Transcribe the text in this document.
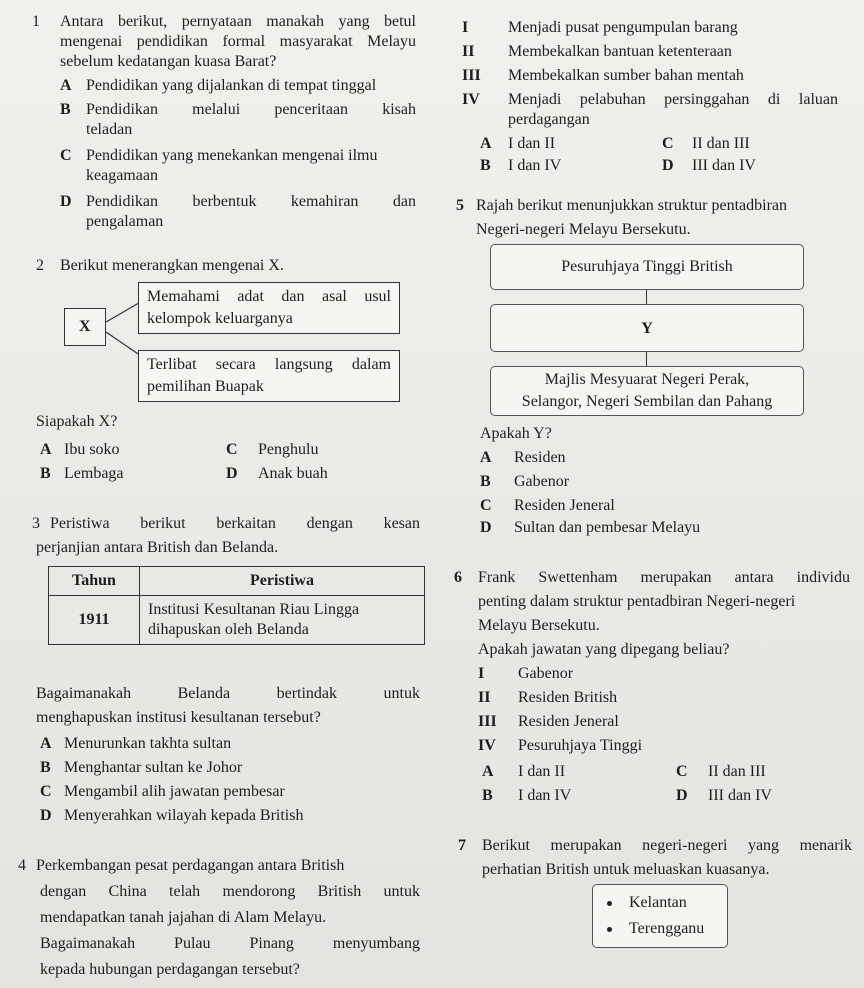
1 Antara berikut, pernyataan manakah yang betul
mengenai pendidikan formal masyarakat Melayu
sebelum kedatangan kuasa Barat?
A Pendidikan yang dijalankan di tempat tinggal
B Pendidikan melalui penceritaan kisah
teladan
C Pendidikan yang menekankan mengenai ilmu
keagamaan
D Pendidikan berbentuk kemahiran dan
pengalaman
2 Berikut menerangkan mengenai X.
X
Memahami adat dan asal usul
kelompok keluarganya
Terlibat secara langsung dalam
pemilihan Buapak
Siapakah X?
A Ibu soko	C Penghulu
B Lembaga	D Anak buah
3 Peristiwa berikut berkaitan dengan kesan
perjanjian antara British dan Belanda.
Tahun	Peristiwa
1911	Institusi Kesultanan Riau Lingga
dihapuskan oleh Belanda
Bagaimanakah Belanda bertindak untuk
menghapuskan institusi kesultanan tersebut?
A Menurunkan takhta sultan
B Menghantar sultan ke Johor
C Mengambil alih jawatan pembesar
D Menyerahkan wilayah kepada British
4 Perkembangan pesat perdagangan antara British
dengan China telah mendorong British untuk
mendapatkan tanah jajahan di Alam Melayu.
Bagaimanakah Pulau Pinang menyumbang
kepada hubungan perdagangan tersebut?
I Menjadi pusat pengumpulan barang
II Membekalkan bantuan ketenteraan
III Membekalkan sumber bahan mentah
IV Menjadi pelabuhan persinggahan di laluan
perdagangan
A I dan II	C II dan III
B I dan IV	D III dan IV
5 Rajah berikut menunjukkan struktur pentadbiran
Negeri-negeri Melayu Bersekutu.
Pesuruhjaya Tinggi British
Y
Majlis Mesyuarat Negeri Perak,
Selangor, Negeri Sembilan dan Pahang
Apakah Y?
A Residen
B Gabenor
C Residen Jeneral
D Sultan dan pembesar Melayu
6 Frank Swettenham merupakan antara individu
penting dalam struktur pentadbiran Negeri-negeri
Melayu Bersekutu.
Apakah jawatan yang dipegang beliau?
I Gabenor
II Residen British
III Residen Jeneral
IV Pesuruhjaya Tinggi
A I dan II	C II dan III
B I dan IV	D III dan IV
7 Berikut merupakan negeri-negeri yang menarik
perhatian British untuk meluaskan kuasanya.
Kelantan
Terengganu
